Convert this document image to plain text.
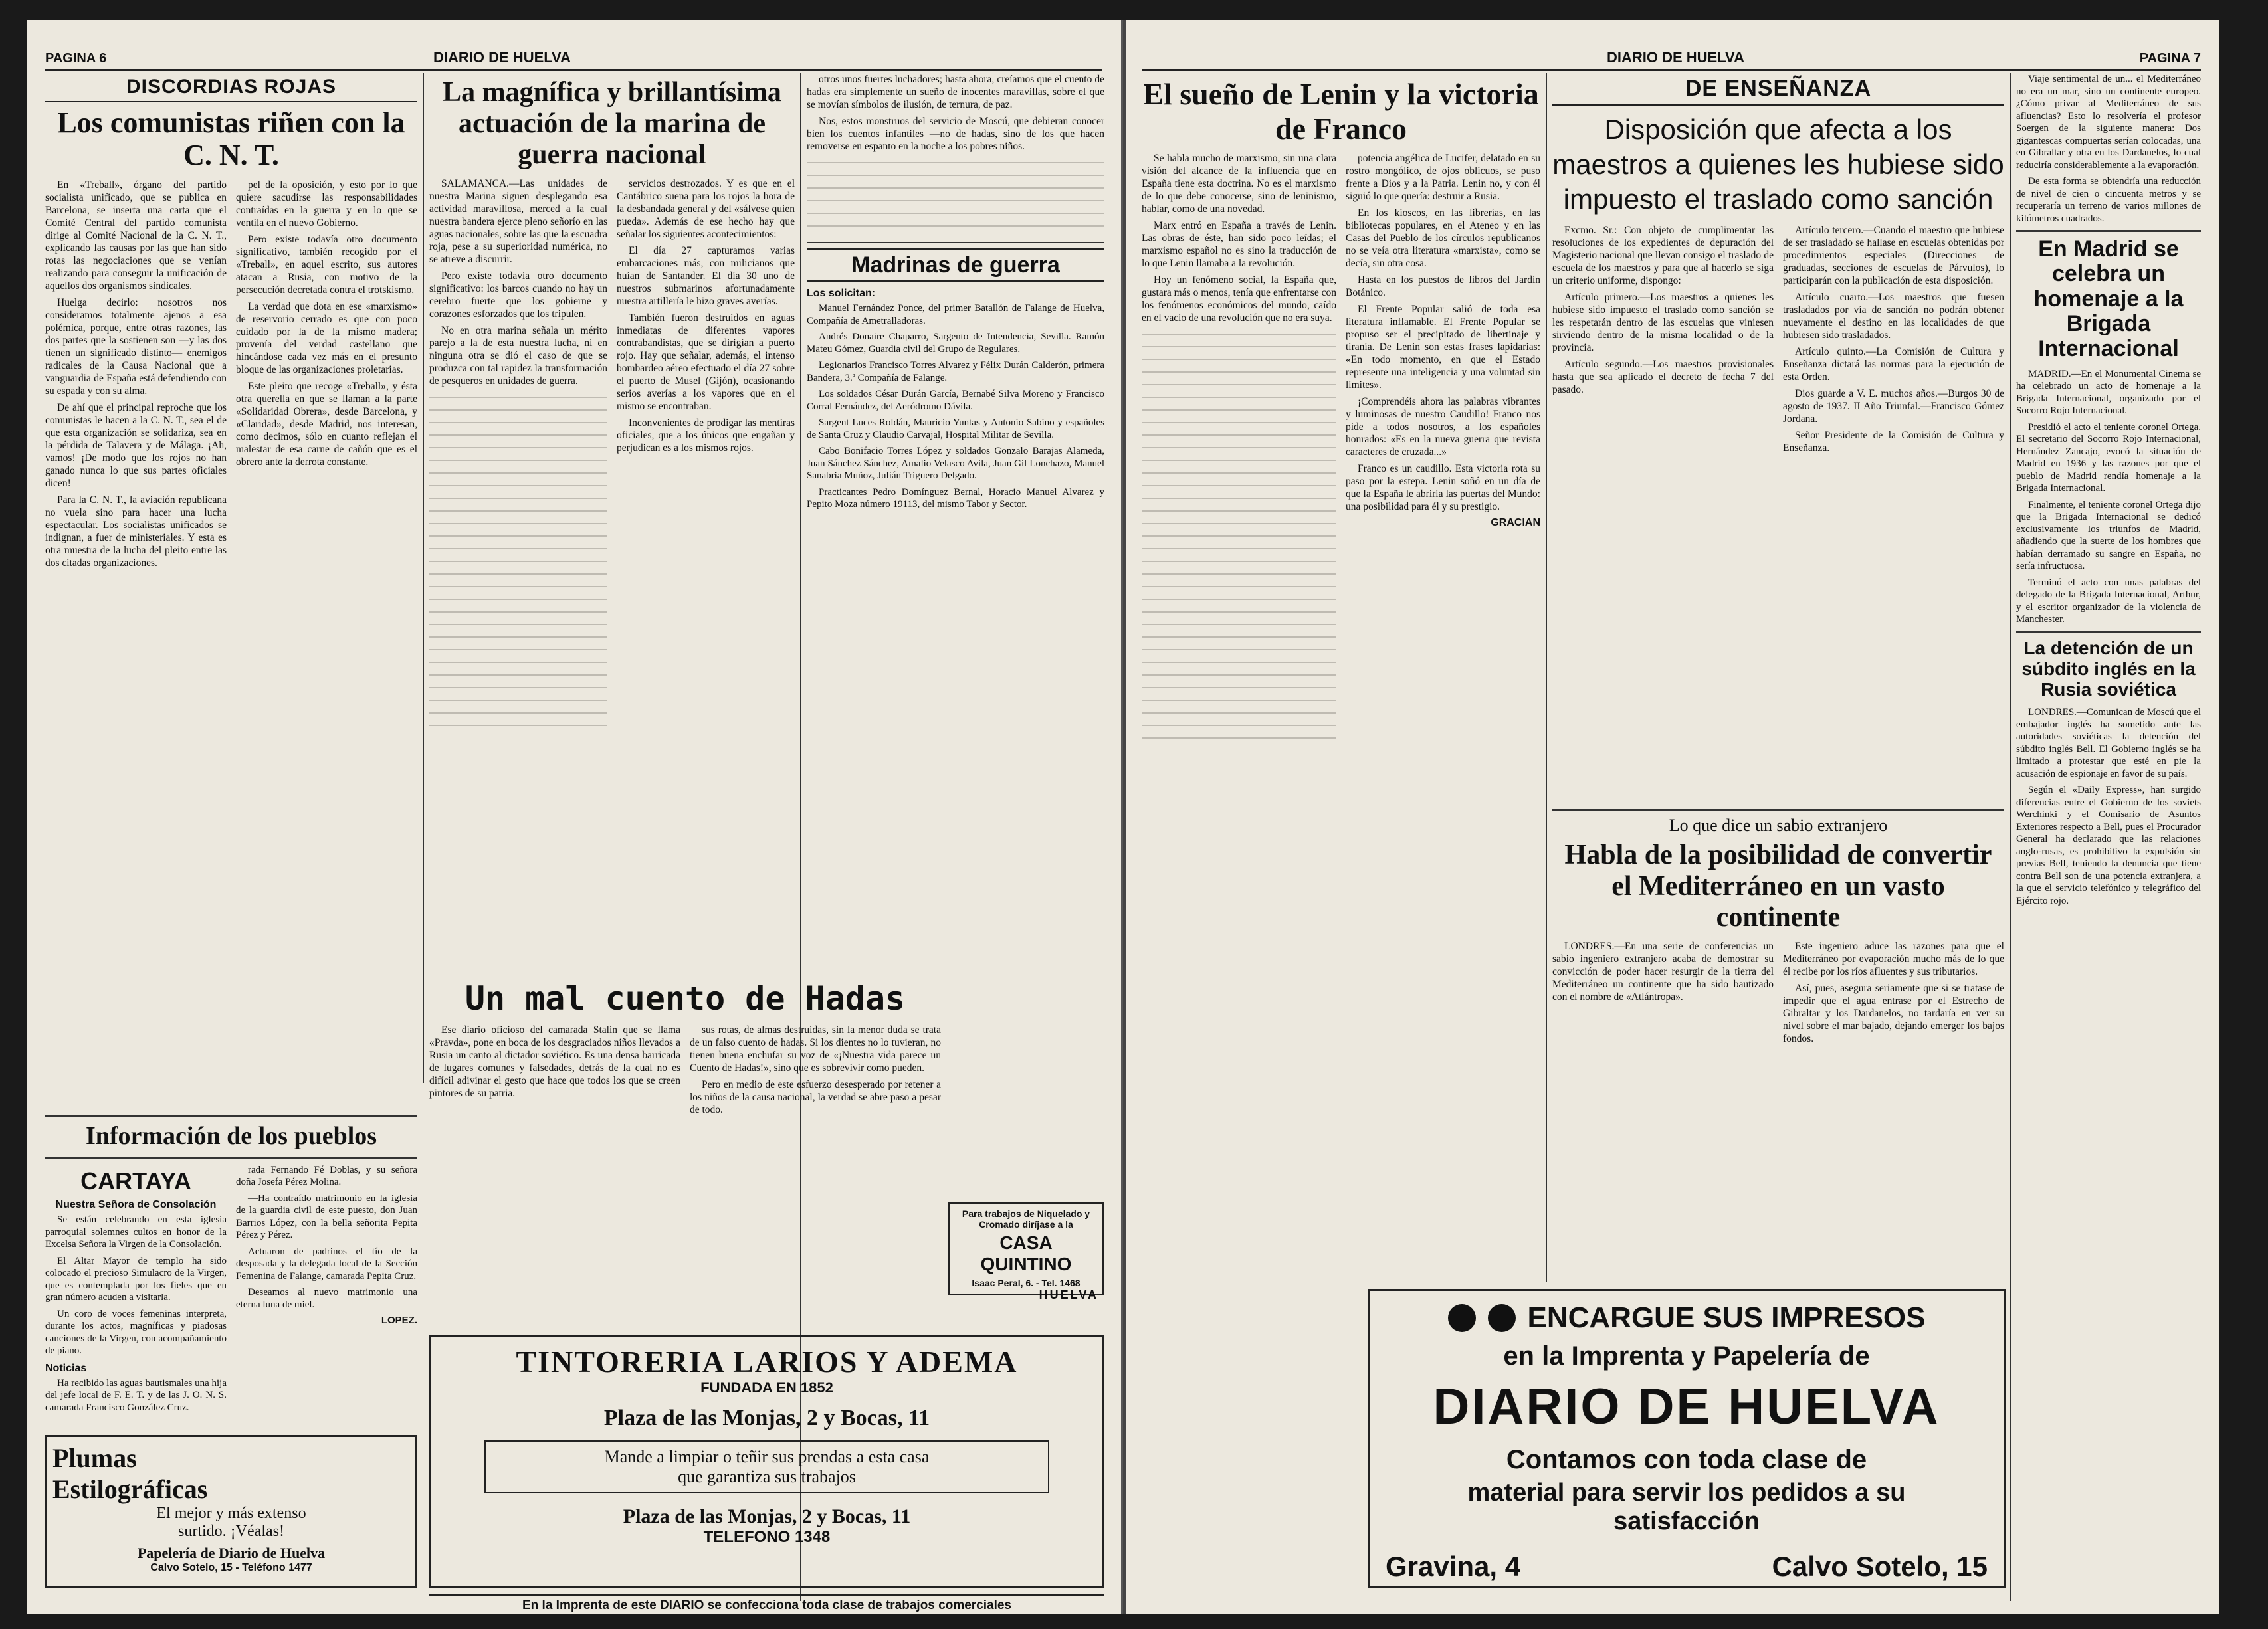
PAGINA 6	DIARIO DE HUELVA
DISCORDIAS ROJAS
Los comunistas riñen con la C. N. T.

En «Treball», órgano del partido socialista unificado, que se publica en Barcelona, se inserta una carta que el Comité Central del partido comunista dirige al Comité Nacional de la C. N. T., explicando las causas por las que han sido rotas las negociaciones que se venían realizando para conseguir la unificación de aquellos dos organismos sindicales.

Huelga decirlo: nosotros nos consideramos totalmente ajenos a esa polémica, porque, entre otras razones, las dos partes que la sostienen son —y las dos tienen un significado distinto— enemigos radicales de la Causa Nacional que a vanguardia de España está defendiendo con su espada y con su alma.

De ahí que el principal reproche que los comunistas le hacen a la C. N. T., sea el de que esta organización se solidariza, sea en la pérdida de Talavera y de Málaga. ¡Ah, vamos! ¡De modo que los rojos no han ganado nunca lo que sus partes oficiales dicen!

Para la C. N. T., la aviación republicana no vuela sino para hacer una lucha espectacular. Los socialistas unificados se indignan, a fuer de ministeriales. Y esta es otra muestra de la lucha del pleito entre las dos citadas organizaciones.

pel de la oposición, y esto por lo que quiere sacudirse las responsabilidades contraídas en la guerra y en lo que se ventila en el nuevo Gobierno.

Pero existe todavía otro documento significativo, también recogido por el «Treball», en aquel escrito, sus autores atacan a Rusia, con motivo de la persecución decretada contra el trotskismo.

La verdad que dota en ese «marxismo» de reservorio cerrado es que con poco cuidado por la de la mismo madera; provenía del verdad castellano que hincándose cada vez más en el presunto bloque de las organizaciones proletarias.

Este pleito que recoge «Treball», y ésta otra querella en que se llaman a la parte «Solidaridad Obrera», desde Barcelona, y «Claridad», desde Madrid, nos interesan, como decimos, sólo en cuanto reflejan el malestar de esa carne de cañón que es el obrero ante la derrota constante.

La magnífica y brillantísima actuación de la marina de guerra nacional

SALAMANCA.—Las unidades de nuestra Marina siguen desplegando esa actividad maravillosa, merced a la cual nuestra bandera ejerce pleno señorío en las aguas nacionales, sobre las que la escuadra roja, pese a su superioridad numérica, no se atreve a discurrir.

Pero existe todavía otro documento significativo: los barcos cuando no hay un cerebro fuerte que los gobierne y corazones esforzados que los tripulen.

No en otra marina señala un mérito parejo a la de esta nuestra lucha, ni en ninguna otra se dió el caso de que se produzca con tal rapidez la transformación de pesqueros en unidades de guerra.

servicios destrozados. Y es que en el Cantábrico suena para los rojos la hora de la desbandada general y del «sálvese quien pueda». Además de ese hecho hay que señalar los siguientes acontecimientos:

El día 27 capturamos varias embarcaciones más, con milicianos que huían de Santander. El día 30 uno de nuestros submarinos afortunadamente nuestra artillería le hizo graves averías.

También fueron destruidos en aguas inmediatas de diferentes vapores contrabandistas, que se dirigían a puerto rojo. Hay que señalar, además, el intenso bombardeo aéreo efectuado el día 27 sobre el puerto de Musel (Gijón), ocasionando serios averías a los vapores que en el mismo se encontraban.

Inconvenientes de prodigar las mentiras oficiales, que a los únicos que engañan y perjudican es a los mismos rojos.

otros unos fuertes luchadores; hasta ahora, creíamos que el cuento de hadas era simplemente un sueño de inocentes maravillas, sobre el que se movían símbolos de ilusión, de ternura, de paz.

Nos, estos monstruos del servicio de Moscú, que debieran conocer bien los cuentos infantiles —no de hadas, sino de los que hacen removerse en espanto en la noche a los pobres niños.

Madrinas de guerra
Los solicitan:

Manuel Fernández Ponce, del primer Batallón de Falange de Huelva, Compañía de Ametralladoras.

Andrés Donaire Chaparro, Sargento de Intendencia, Sevilla. Ramón Mateu Gómez, Guardia civil del Grupo de Regulares.

Legionarios Francisco Torres Alvarez y Félix Durán Calderón, primera Bandera, 3.ª Compañía de Falange.

Los soldados César Durán García, Bernabé Silva Moreno y Francisco Corral Fernández, del Aeródromo Dávila.

Sargent Luces Roldán, Mauricio Yuntas y Antonio Sabino y españoles de Santa Cruz y Claudio Carvajal, Hospital Militar de Sevilla.

Cabo Bonifacio Torres López y soldados Gonzalo Barajas Alameda, Juan Sánchez Sánchez, Amalio Velasco Avila, Juan Gil Lonchazo, Manuel Sanabria Muñoz, Julián Triguero Delgado.

Practicantes Pedro Domínguez Bernal, Horacio Manuel Alvarez y Pepito Moza número 19113, del mismo Tabor y Sector.

Un mal cuento de Hadas

Ese diario oficioso del camarada Stalin que se llama «Pravda», pone en boca de los desgraciados niños llevados a Rusia un canto al dictador soviético. Es una densa barricada de lugares comunes y falsedades, detrás de la cual no es difícil adivinar el gesto que hace que todos los que se creen pintores de su patria.

sus rotas, de almas destruidas, sin la menor duda se trata de un falso cuento de hadas. Si los dientes no lo tuvieran, no tienen buena enchufar su voz de «¡Nuestra vida parece un Cuento de Hadas!», sino que es sobrevivir como pueden.

Pero en medio de este esfuerzo desesperado por retener a los niños de la causa nacional, la verdad se abre paso a pesar de todo.

Para trabajos de Niquelado y Cromado diríjase a la
CASA QUINTINO
Isaac Peral, 6. - Tel. 1468
HUELVA
Información de los pueblos
CARTAYA
Nuestra Señora de Consolación

Se están celebrando en esta iglesia parroquial solemnes cultos en honor de la Excelsa Señora la Virgen de la Consolación.

El Altar Mayor de templo ha sido colocado el precioso Simulacro de la Virgen, que es contemplada por los fieles que en gran número acuden a visitarla.

Un coro de voces femeninas interpreta, durante los actos, magníficas y piadosas canciones de la Virgen, con acompañamiento de piano.

Noticias

Ha recibido las aguas bautismales una hija del jefe local de F. E. T. y de las J. O. N. S. camarada Francisco González Cruz.

rada Fernando Fé Doblas, y su señora doña Josefa Pérez Molina.

—Ha contraído matrimonio en la iglesia de la guardia civil de este puesto, don Juan Barrios López, con la bella señorita Pepita Pérez y Pérez.

Actuaron de padrinos el tío de la desposada y la delegada local de la Sección Femenina de Falange, camarada Pepita Cruz.

Deseamos al nuevo matrimonio una eterna luna de miel.

LOPEZ.
TINTORERIA LARIOS Y ADEMA
FUNDADA EN 1852
Plaza de las Monjas, 2 y Bocas, 11
Mande a limpiar o teñir sus prendas a esta casa
que garantiza sus trabajos
Plaza de las Monjas, 2 y Bocas, 11
TELEFONO 1348
Plumas
Estilográficas
El mejor y más extenso
surtido. ¡Véalas!
Papelería de Diario de Huelva
Calvo Sotelo, 15 - Teléfono 1477
En la Imprenta de este DIARIO se confecciona toda clase de trabajos comerciales
DIARIO DE HUELVA	PAGINA 7
El sueño de Lenin y la victoria de Franco

Se habla mucho de marxismo, sin una clara visión del alcance de la influencia que en España tiene esta doctrina. No es el marxismo de lo que debe conocerse, sino de leninismo, hablar, como de una novedad.

Marx entró en España a través de Lenin. Las obras de éste, han sido poco leídas; el marxismo español no es sino la traducción de lo que Lenin llamaba a la revolución.

Hoy un fenómeno social, la España que, gustara más o menos, tenía que enfrentarse con los fenómenos económicos del mundo, caído en el vacío de una revolución que no era suya.

potencia angélica de Lucifer, delatado en su rostro mongólico, de ojos oblicuos, se puso frente a Dios y a la Patria. Lenin no, y con él siguió lo que quería: destruir a Rusia.

En los kioscos, en las librerías, en las bibliotecas populares, en el Ateneo y en las Casas del Pueblo de los círculos republicanos no se veía otra literatura «marxista», como se decía, sin otra cosa.

Hasta en los puestos de libros del Jardín Botánico.

El Frente Popular salió de toda esa literatura inflamable. El Frente Popular se propuso ser el precipitado de libertinaje y tiranía. De Lenin son estas frases lapidarias: «En todo momento, en que el Estado represente una inteligencia y una voluntad sin límites».

¡Comprendéis ahora las palabras vibrantes y luminosas de nuestro Caudillo! Franco nos pide a todos nosotros, a los españoles honrados: «Es en la nueva guerra que revista caracteres de cruzada...»

Franco es un caudillo. Esta victoria rota su paso por la estepa. Lenin soñó en un día de que la España le abriría las puertas del Mundo: una posibilidad para él y su prestigio.

GRACIAN
DE ENSEÑANZA
Disposición que afecta a los maestros a quienes les hubiese sido impuesto el traslado como sanción

Excmo. Sr.: Con objeto de cumplimentar las resoluciones de los expedientes de depuración del Magisterio nacional que llevan consigo el traslado de escuela de los maestros y para que al hacerlo se siga un criterio uniforme, dispongo:

Artículo primero.—Los maestros a quienes les hubiese sido impuesto el traslado como sanción se les respetarán dentro de las escuelas que viniesen sirviendo dentro de la misma localidad o de la provincia.

Artículo segundo.—Los maestros provisionales hasta que sea aplicado el decreto de fecha 7 del pasado.

Artículo tercero.—Cuando el maestro que hubiese de ser trasladado se hallase en escuelas obtenidas por procedimientos especiales (Direcciones de graduadas, secciones de escuelas de Párvulos), lo participarán con la publicación de esta disposición.

Artículo cuarto.—Los maestros que fuesen trasladados por vía de sanción no podrán obtener nuevamente el destino en las localidades de que hubiesen sido trasladados.

Artículo quinto.—La Comisión de Cultura y Enseñanza dictará las normas para la ejecución de esta Orden.

Dios guarde a V. E. muchos años.—Burgos 30 de agosto de 1937. II Año Triunfal.—Francisco Gómez Jordana.

Señor Presidente de la Comisión de Cultura y Enseñanza.

Lo que dice un sabio extranjero
Habla de la posibilidad de convertir el Mediterráneo en un vasto continente

LONDRES.—En una serie de conferencias un sabio ingeniero extranjero acaba de demostrar su convicción de poder hacer resurgir de la tierra del Mediterráneo un continente que ha sido bautizado con el nombre de «Atlántropa».

Este ingeniero aduce las razones para que el Mediterráneo por evaporación mucho más de lo que él recibe por los ríos afluentes y sus tributarios.

Así, pues, asegura seriamente que si se tratase de impedir que el agua entrase por el Estrecho de Gibraltar y los Dardanelos, no tardaría en ver su nivel sobre el mar bajado, dejando emerger los bajos fondos.

Viaje sentimental de un... el Mediterráneo no era un mar, sino un continente europeo. ¿Cómo privar al Mediterráneo de sus afluencias? Esto lo resolvería el profesor Soergen de la siguiente manera: Dos gigantescas compuertas serían colocadas, una en Gibraltar y otra en los Dardanelos, lo cual reduciría considerablemente a la evaporación.

De esta forma se obtendría una reducción de nivel de cien o cincuenta metros y se recuperaría un terreno de varios millones de kilómetros cuadrados.

En Madrid se celebra un homenaje a la Brigada Internacional

MADRID.—En el Monumental Cinema se ha celebrado un acto de homenaje a la Brigada Internacional, organizado por el Socorro Rojo Internacional.

Presidió el acto el teniente coronel Ortega. El secretario del Socorro Rojo Internacional, Hernández Zancajo, evocó la situación de Madrid en 1936 y las razones por que el pueblo de Madrid rendía homenaje a la Brigada Internacional.

Finalmente, el teniente coronel Ortega dijo que la Brigada Internacional se dedicó exclusivamente los triunfos de Madrid, añadiendo que la suerte de los hombres que habían derramado su sangre en España, no sería infructuosa.

Terminó el acto con unas palabras del delegado de la Brigada Internacional, Arthur, y el escritor organizador de la violencia de Manchester.

La detención de un súbdito inglés en la Rusia soviética

LONDRES.—Comunican de Moscú que el embajador inglés ha sometido ante las autoridades soviéticas la detención del súbdito inglés Bell. El Gobierno inglés se ha limitado a protestar que esté en pie la acusación de espionaje en favor de su país.

Según el «Daily Express», han surgido diferencias entre el Gobierno de los soviets Werchinki y el Comisario de Asuntos Exteriores respecto a Bell, pues el Procurador General ha declarado que las relaciones anglo-rusas, es prohibitivo la expulsión sin previas Bell, teniendo la denuncia que tiene contra Bell son de una potencia extranjera, a la que el servicio telefónico y telegráfico del Ejército rojo.

ENCARGUE SUS IMPRESOS
en la Imprenta y Papelería de
DIARIO DE HUELVA
Contamos con toda clase de
material para servir los pedidos a su satisfacción
Gravina, 4	Calvo Sotelo, 15
